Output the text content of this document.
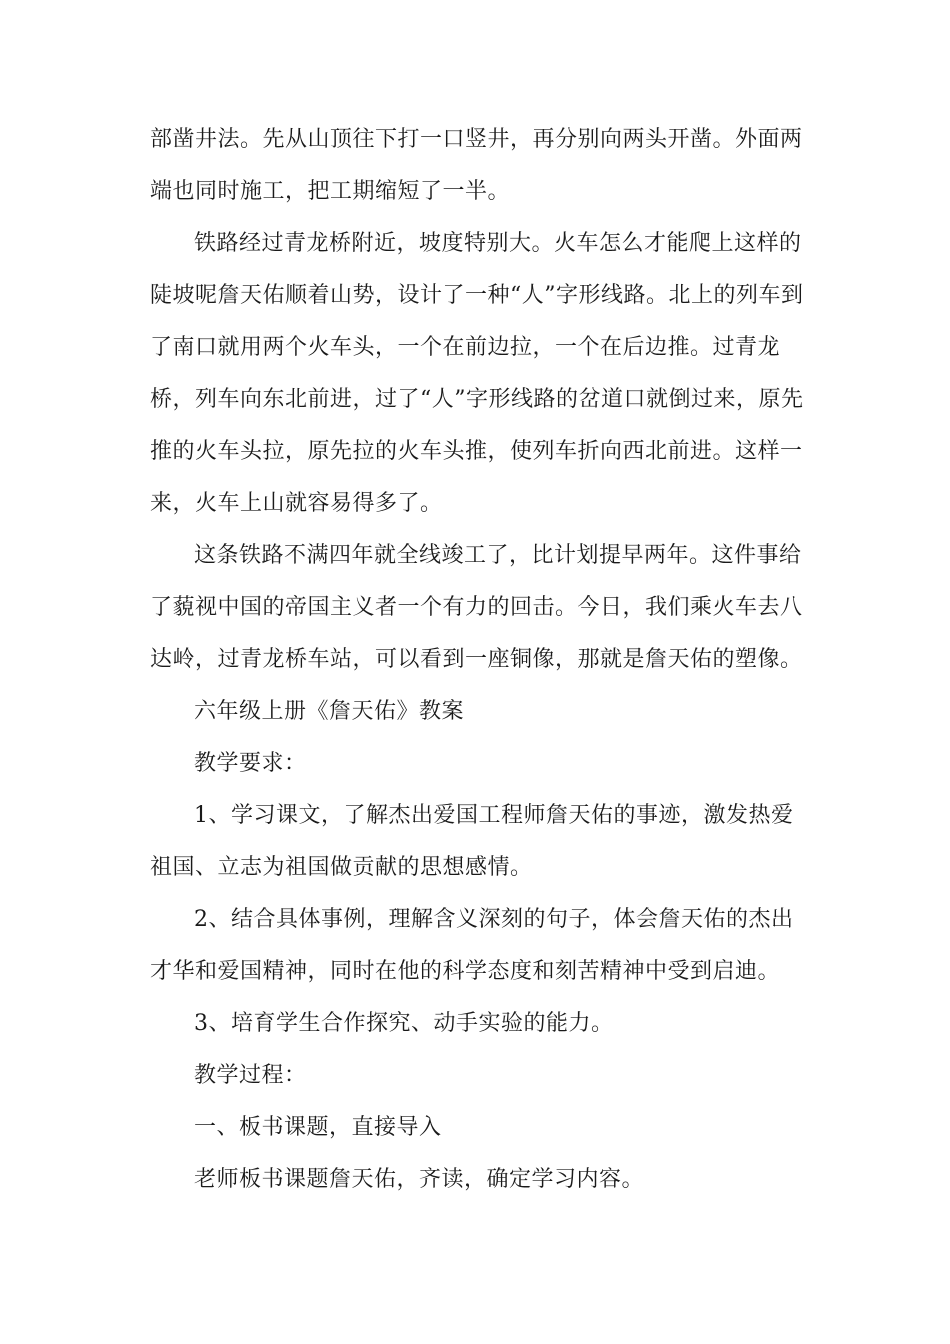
部凿井法。先从山顶往下打一口竖井，再分别向两头开凿。外面两
端也同时施工，把工期缩短了一半。

铁路经过青龙桥附近，坡度特别大。火车怎么才能爬上这样的
陡坡呢詹天佑顺着山势，设计了一种“人”字形线路。北上的列车到
了南口就用两个火车头，一个在前边拉，一个在后边推。过青龙
桥，列车向东北前进，过了“人”字形线路的岔道口就倒过来，原先
推的火车头拉，原先拉的火车头推，使列车折向西北前进。这样一
来，火车上山就容易得多了。

这条铁路不满四年就全线竣工了，比计划提早两年。这件事给
了藐视中国的帝国主义者一个有力的回击。今日，我们乘火车去八
达岭，过青龙桥车站，可以看到一座铜像，那就是詹天佑的塑像。

六年级上册《詹天佑》教案

教学要求：

1、学习课文，了解杰出爱国工程师詹天佑的事迹，激发热爱
祖国、立志为祖国做贡献的思想感情。

2、结合具体事例，理解含义深刻的句子，体会詹天佑的杰出
才华和爱国精神，同时在他的科学态度和刻苦精神中受到启迪。

3、培育学生合作探究、动手实验的能力。

教学过程：

一、板书课题，直接导入

老师板书课题詹天佑，齐读，确定学习内容。
